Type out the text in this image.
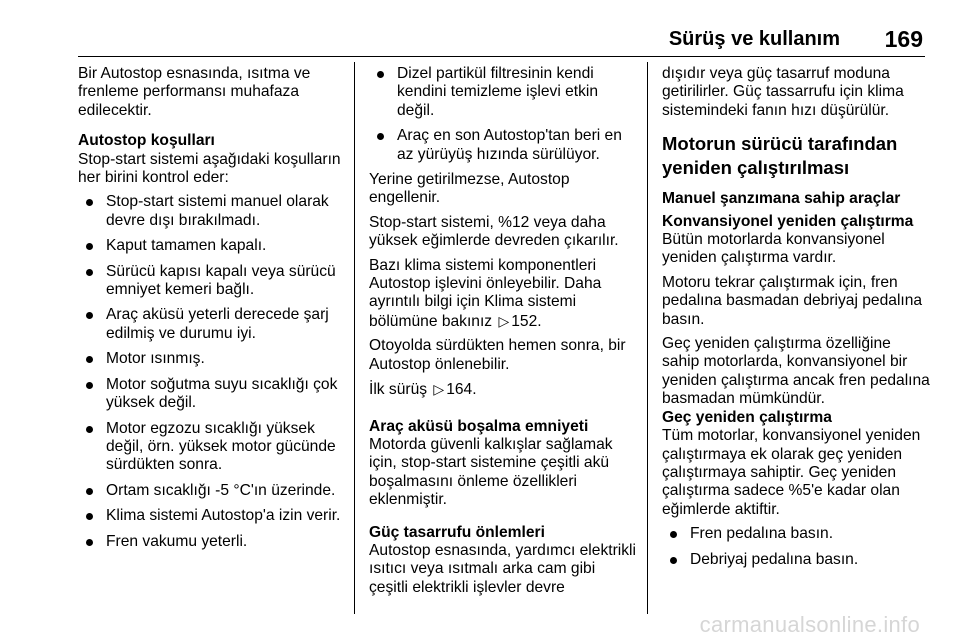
Sürüş ve kullanım 169

Bir Autostop esnasında, ısıtma ve frenleme performansı muhafaza edilecektir.

Autostop koşulları

Stop-start sistemi aşağıdaki koşulların her birini kontrol eder:

Stop-start sistemi manuel olarak devre dışı bırakılmadı.
Kaput tamamen kapalı.
Sürücü kapısı kapalı veya sürücü emniyet kemeri bağlı.
Araç aküsü yeterli derecede şarj edilmiş ve durumu iyi.
Motor ısınmış.
Motor soğutma suyu sıcaklığı çok yüksek değil.
Motor egzozu sıcaklığı yüksek değil, örn. yüksek motor gücünde sürdükten sonra.
Ortam sıcaklığı -5 °C'ın üzerinde.
Klima sistemi Autostop'a izin verir.
Fren vakumu yeterli.
Dizel partikül filtresinin kendi kendini temizleme işlevi etkin değil.
Araç en son Autostop'tan beri en az yürüyüş hızında sürülüyor.

Yerine getirilmezse, Autostop engellenir.

Stop-start sistemi, %12 veya daha yüksek eğimlerde devreden çıkarılır.

Bazı klima sistemi komponentleri Autostop işlevini önleyebilir. Daha ayrıntılı bilgi için Klima sistemi bölümüne bakınız ▷ 152.

Otoyolda sürdükten hemen sonra, bir Autostop önlenebilir.

İlk sürüş ▷ 164.

Araç aküsü boşalma emniyeti

Motorda güvenli kalkışlar sağlamak için, stop-start sistemine çeşitli akü boşalmasını önleme özellikleri eklenmiştir.

Güç tasarrufu önlemleri

Autostop esnasında, yardımcı elektrikli ısıtıcı veya ısıtmalı arka cam gibi çeşitli elektrikli işlevler devre

dışıdır veya güç tasarruf moduna getirilirler. Güç tassarrufu için klima sistemindeki fanın hızı düşürülür.

Motorun sürücü tarafından yeniden çalıştırılması
Manuel şanzımana sahip araçlar
Konvansiyonel yeniden çalıştırma

Bütün motorlarda konvansiyonel yeniden çalıştırma vardır.

Motoru tekrar çalıştırmak için, fren pedalına basmadan debriyaj pedalına basın.

Geç yeniden çalıştırma özelliğine sahip motorlarda, konvansiyonel bir yeniden çalıştırma ancak fren pedalına basmadan mümkündür.

Geç yeniden çalıştırma

Tüm motorlar, konvansiyonel yeniden çalıştırmaya ek olarak geç yeniden çalıştırmaya sahiptir. Geç yeniden çalıştırma sadece %5'e kadar olan eğimlerde aktiftir.

Fren pedalına basın.
Debriyaj pedalına basın.
carmanualsonline.info
